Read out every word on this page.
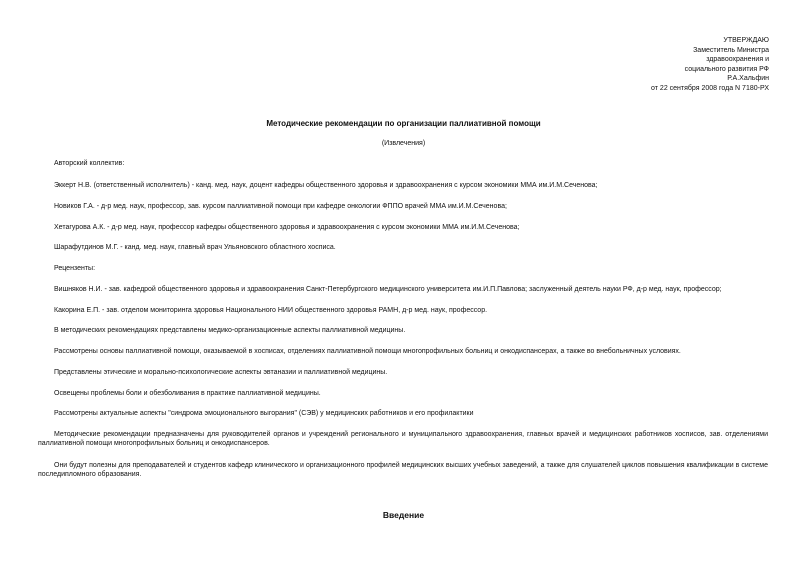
УТВЕРЖДАЮ
Заместитель Министра
здравоохранения и
социального развития РФ
Р.А.Хальфин
от 22 сентября 2008 года N 7180-РХ
Методические рекомендации по организации паллиативной помощи
(Извлечения)
Авторский коллектив:
Эккерт Н.В. (ответственный исполнитель) - канд. мед. наук, доцент кафедры общественного здоровья и здравоохранения с курсом экономики ММА им.И.М.Сеченова;
Новиков Г.А. - д-р мед. наук, профессор, зав. курсом паллиативной помощи при кафедре онкологии ФППО врачей ММА им.И.М.Сеченова;
Хетагурова А.К. - д-р мед. наук, профессор кафедры общественного здоровья и здравоохранения с курсом экономики ММА им.И.М.Сеченова;
Шарафутдинов М.Г. - канд. мед. наук, главный врач Ульяновского областного хосписа.
Рецензенты:
Вишняков Н.И. - зав. кафедрой общественного здоровья и здравоохранения Санкт-Петербургского медицинского университета им.И.П.Павлова; заслуженный деятель науки РФ, д-р мед. наук, профессор;
Какорина Е.П. - зав. отделом мониторинга здоровья Национального НИИ общественного здоровья РАМН, д-р мед. наук, профессор.
В методических рекомендациях представлены медико-организационные аспекты паллиативной медицины.
Рассмотрены основы паллиативной помощи, оказываемой в хосписах, отделениях паллиативной помощи многопрофильных больниц и онкодиспансерах, а также во внебольничных условиях.
Представлены этические и морально-психологические аспекты эвтаназии и паллиативной медицины.
Освещены проблемы боли и обезболивания в практике паллиативной медицины.
Рассмотрены актуальные аспекты "синдрома эмоционального выгорания" (СЭВ) у медицинских работников и его профилактики
Методические рекомендации предназначены для руководителей органов и учреждений регионального и муниципального здравоохранения, главных врачей и медицинских работников хосписов, зав. отделениями паллиативной помощи многопрофильных больниц и онкодиспансеров.
Они будут полезны для преподавателей и студентов кафедр клинического и организационного профилей медицинских высших учебных заведений, а также для слушателей циклов повышения квалификации в системе последипломного образования.
Введение
